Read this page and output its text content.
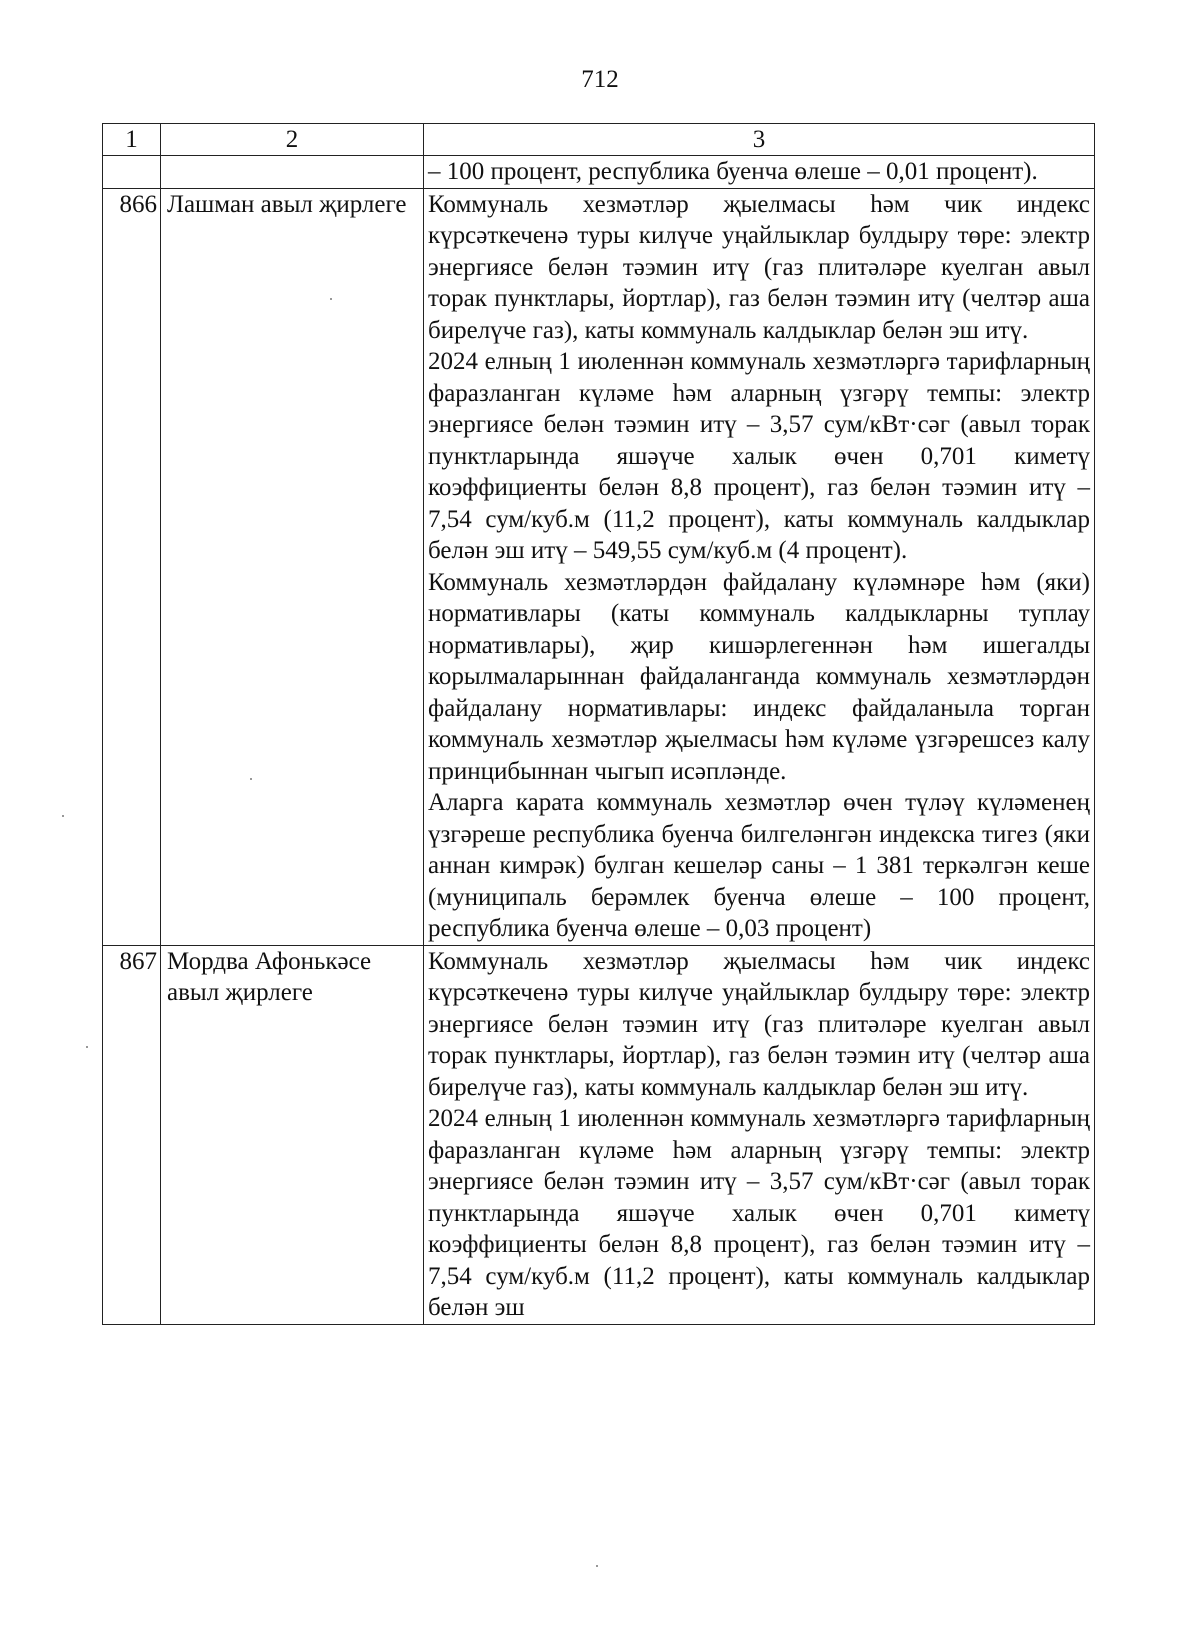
712
1	2	3

		– 100 процент, республика буенча өлеше – 0,01 процент).

866	Лашман авыл җирлеге	Коммуналь хезмәтләр җыелмасы һәм чик индекс күрсәткеченә туры килүче уңайлыклар булдыру төре: электр энергиясе белән тәэмин итү (газ плитәләре куелган авыл торак пунктлары, йортлар), газ белән тәэмин итү (челтәр аша бирелүче газ), каты коммуналь калдыклар белән эш итү.

2024 елның 1 июленнән коммуналь хезмәтләргә тарифларның фаразланган күләме һәм аларның үзгәрү темпы: электр энергиясе белән тәэмин итү – 3,57 сум/кВт·сәг (авыл торак пунктларында яшәүче халык өчен 0,701 киметү коэффициенты белән 8,8 процент), газ белән тәэмин итү – 7,54 сум/куб.м (11,2 процент), каты коммуналь калдыклар белән эш итү – 549,55 сум/куб.м (4 процент).

Коммуналь хезмәтләрдән файдалану күләмнәре һәм (яки) нормативлары (каты коммуналь калдыкларны туплау нормативлары), җир кишәрлегеннән һәм ишегалды корылмаларыннан файдаланганда коммуналь хезмәтләрдән файдалану нормативлары: индекс файдаланыла торган коммуналь хезмәтләр җыелмасы һәм күләме үзгәрешсез калу принцибыннан чыгып исәпләнде.

Аларга карата коммуналь хезмәтләр өчен түләү күләменең үзгәреше республика буенча билгеләнгән индекска тигез (яки аннан кимрәк) булган кешеләр саны – 1 381 теркәлгән кеше (муниципаль берәмлек буенча өлеше – 100 процент, республика буенча өлеше – 0,03 процент)

867	Мордва Афонькәсе авыл җирлеге	Коммуналь хезмәтләр җыелмасы һәм чик индекс күрсәткеченә туры килүче уңайлыклар булдыру төре: электр энергиясе белән тәэмин итү (газ плитәләре куелган авыл торак пунктлары, йортлар), газ белән тәэмин итү (челтәр аша бирелүче газ), каты коммуналь калдыклар белән эш итү.

2024 елның 1 июленнән коммуналь хезмәтләргә тарифларның фаразланган күләме һәм аларның үзгәрү темпы: электр энергиясе белән тәэмин итү – 3,57 сум/кВт·сәг (авыл торак пунктларында яшәүче халык өчен 0,701 киметү коэффициенты белән 8,8 процент), газ белән тәэмин итү – 7,54 сум/куб.м (11,2 процент), каты коммуналь калдыклар белән эш
